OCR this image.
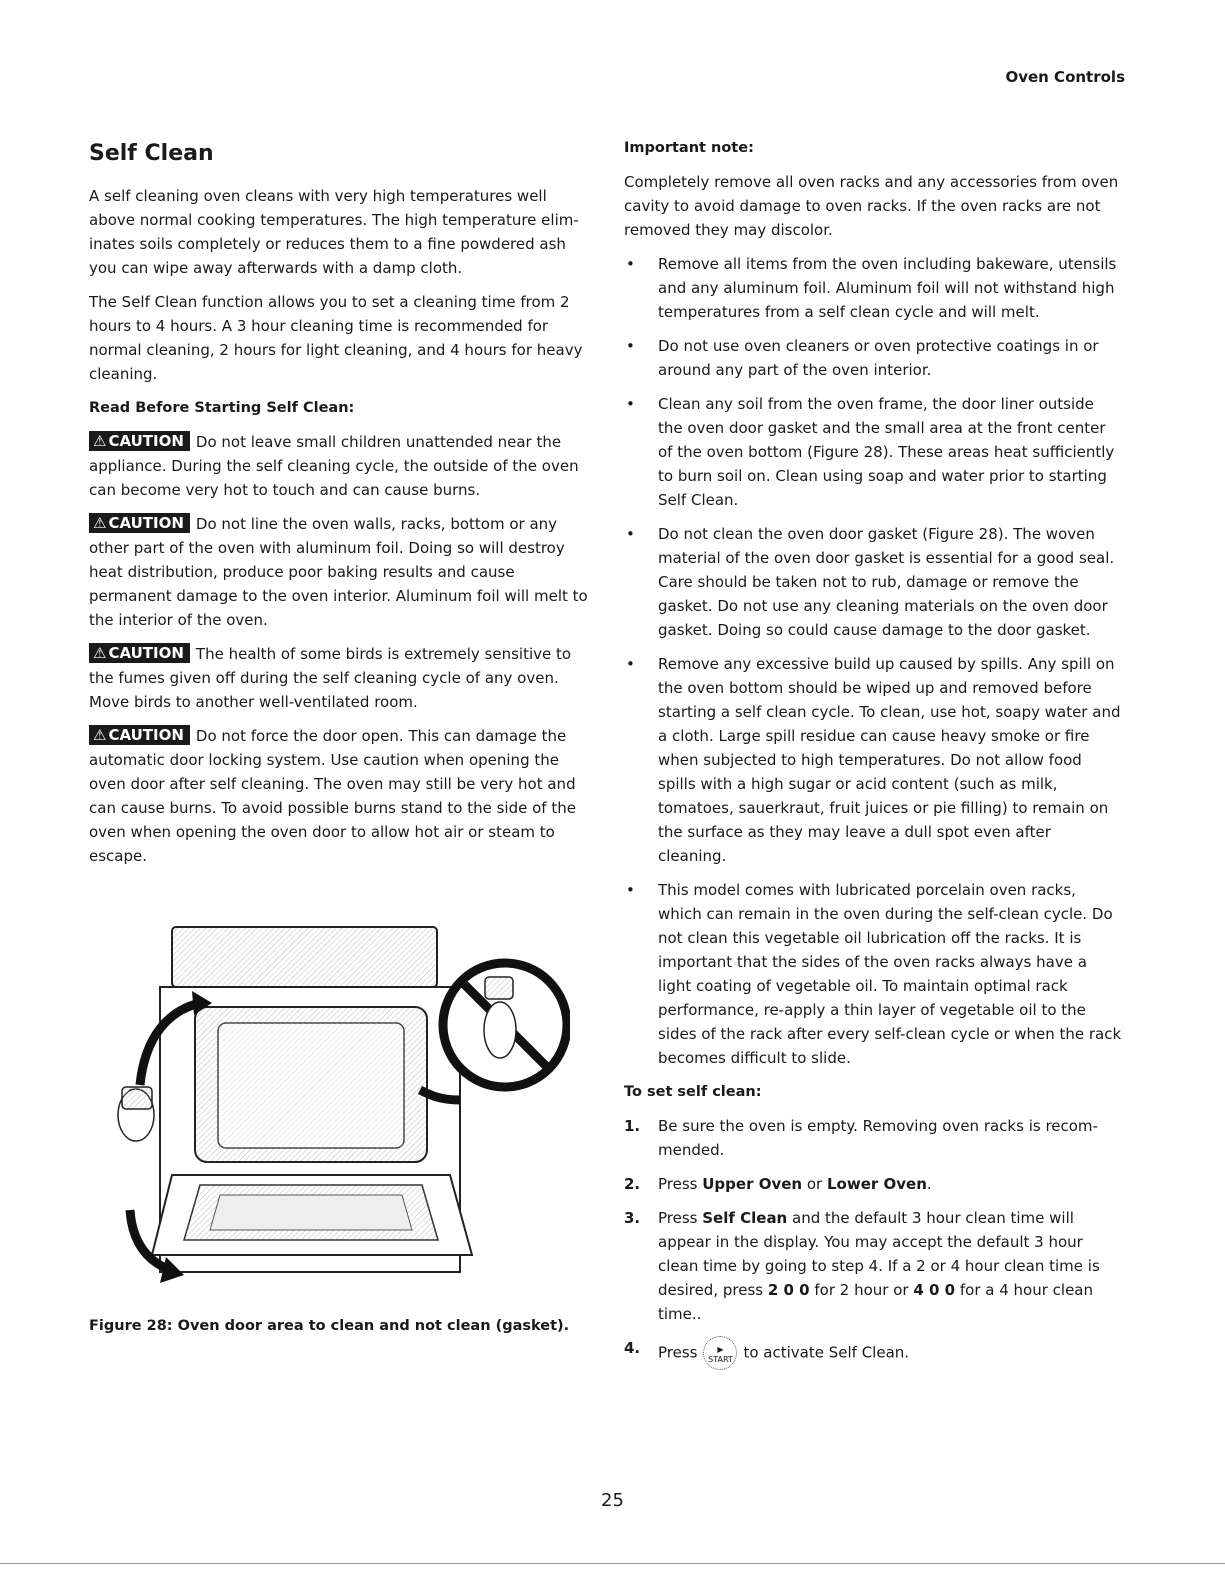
Oven Controls
Self Clean

A self cleaning oven cleans with very high temperatures well above normal cooking temperatures. The high temperature elim-inates soils completely or reduces them to a fine powdered ash you can wipe away afterwards with a damp cloth.

The Self Clean function allows you to set a cleaning time from 2 hours to 4 hours. A 3 hour cleaning time is recommended for normal cleaning, 2 hours for light cleaning, and 4 hours for heavy cleaning.

Read Before Starting Self Clean:

⚠ CAUTION Do not leave small children unattended near the appliance. During the self cleaning cycle, the outside of the oven can become very hot to touch and can cause burns.

⚠ CAUTION Do not line the oven walls, racks, bottom or any other part of the oven with aluminum foil. Doing so will destroy heat distribution, produce poor baking results and cause permanent damage to the oven interior. Aluminum foil will melt to the interior of the oven.

⚠ CAUTION The health of some birds is extremely sensitive to the fumes given off during the self cleaning cycle of any oven. Move birds to another well-ventilated room.

⚠ CAUTION Do not force the door open. This can damage the automatic door locking system. Use caution when opening the oven door after self cleaning. The oven may still be very hot and can cause burns. To avoid possible burns stand to the side of the oven when opening the oven door to allow hot air or steam to escape.

Figure 28: Oven door area to clean and not clean (gasket).
Important note:

Completely remove all oven racks and any accessories from oven cavity to avoid damage to oven racks. If the oven racks are not removed they may discolor.

• Remove all items from the oven including bakeware, utensils and any aluminum foil. Aluminum foil will not withstand high temperatures from a self clean cycle and will melt.
• Do not use oven cleaners or oven protective coatings in or around any part of the oven interior.
• Clean any soil from the oven frame, the door liner outside the oven door gasket and the small area at the front center of the oven bottom (Figure 28). These areas heat sufficiently to burn soil on. Clean using soap and water prior to starting Self Clean.
• Do not clean the oven door gasket (Figure 28). The woven material of the oven door gasket is essential for a good seal. Care should be taken not to rub, damage or remove the gasket. Do not use any cleaning materials on the oven door gasket. Doing so could cause damage to the door gasket.
• Remove any excessive build up caused by spills. Any spill on the oven bottom should be wiped up and removed before starting a self clean cycle. To clean, use hot, soapy water and a cloth. Large spill residue can cause heavy smoke or fire when subjected to high temperatures. Do not allow food spills with a high sugar or acid content (such as milk, tomatoes, sauerkraut, fruit juices or pie filling) to remain on the surface as they may leave a dull spot even after cleaning.
• This model comes with lubricated porcelain oven racks, which can remain in the oven during the self-clean cycle. Do not clean this vegetable oil lubrication off the racks. It is important that the sides of the oven racks always have a light coating of vegetable oil. To maintain optimal rack performance, re-apply a thin layer of vegetable oil to the sides of the rack after every self-clean cycle or when the rack becomes difficult to slide.
To set self clean:
1. Be sure the oven is empty. Removing oven racks is recom-mended.
2. Press Upper Oven or Lower Oven.
3. Press Self Clean and the default 3 hour clean time will appear in the display. You may accept the default 3 hour clean time by going to step 4. If a 2 or 4 hour clean time is desired, press 2 0 0 for 2 hour or 4 0 0 for a 4 hour clean time..
4. Press ▶
START to activate Self Clean.
25
